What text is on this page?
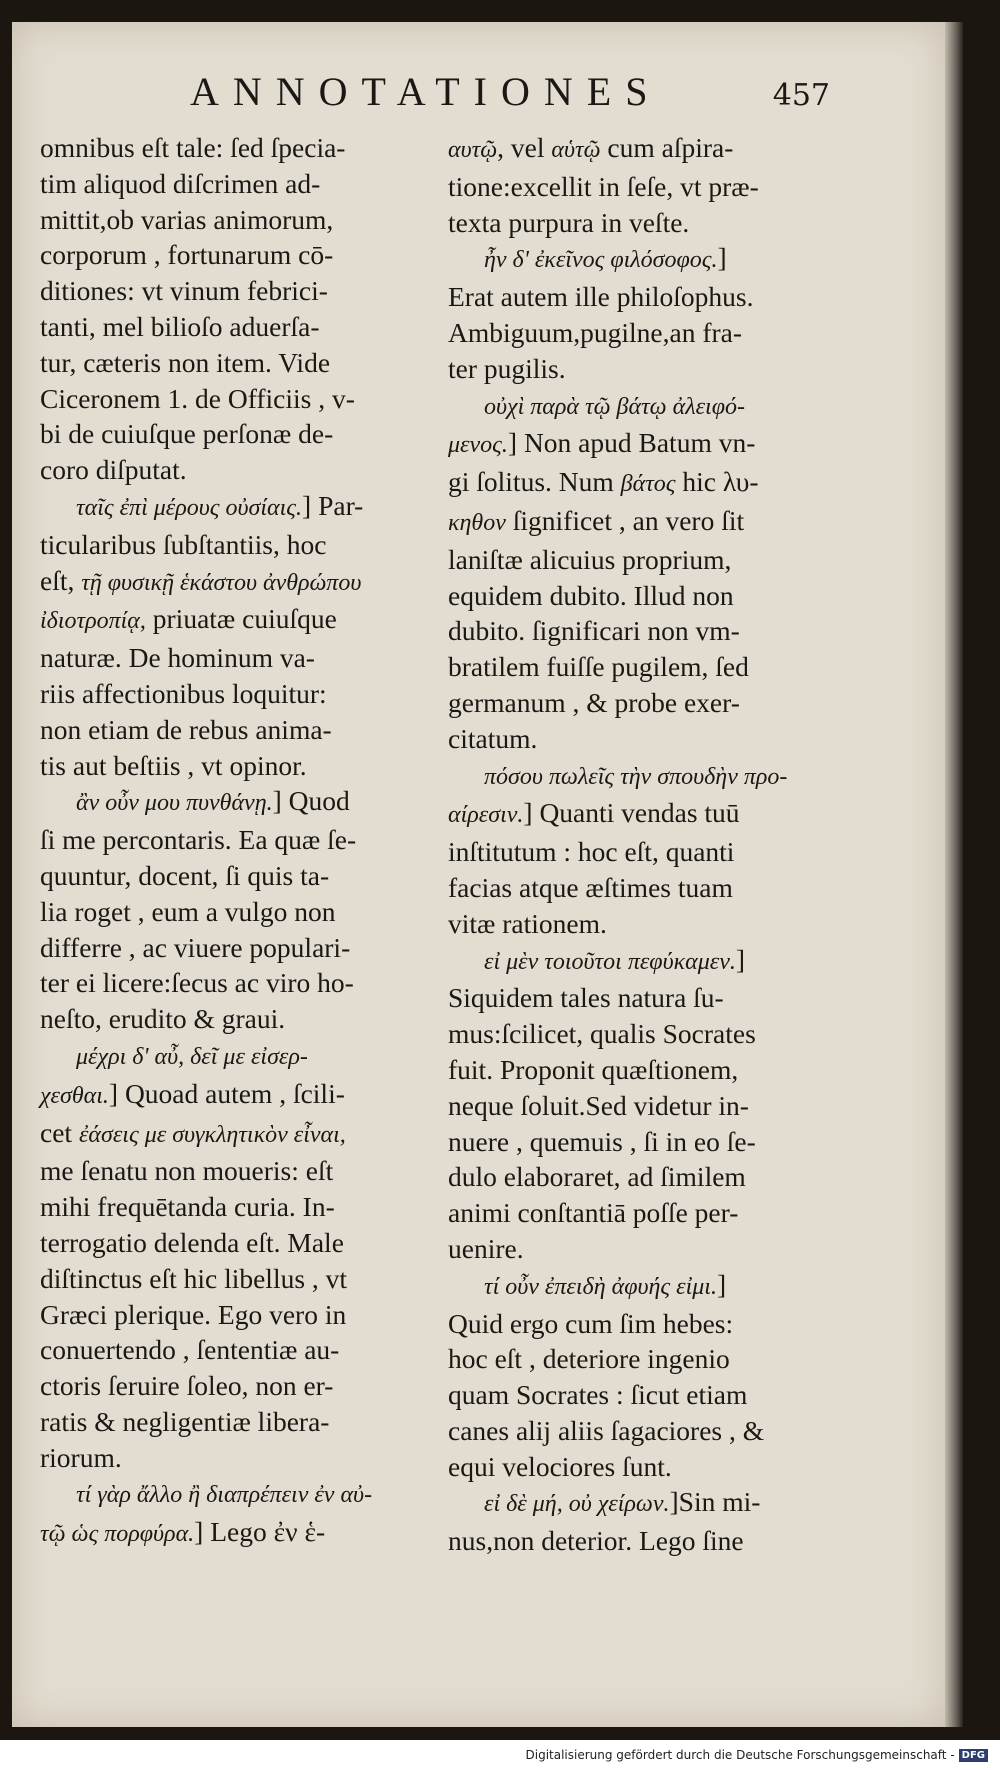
ANNOTATIONES	457
omnibus eſt tale: ſed ſpecia-
tim aliquod diſcrimen ad-
mittit,ob varias animorum,
corporum , fortunarum cō-
ditiones: vt vinum febrici-
tanti, mel bilioſo aduerſa-
tur, cæteris non item. Vide
Ciceronem 1. de Officiis , v-
bi de cuiuſque perſonæ de-
coro diſputat.
ταῖς ἐπὶ μέρους οὐσίαις.] Par-
ticularibus ſubſtantiis, hoc
eſt, τῇ φυσικῇ ἑκάστου ἀνθρώπου
ἰδιοτροπίᾳ, priuatæ cuiuſque
naturæ. De hominum va-
riis affectionibus loquitur:
non etiam de rebus anima-
tis aut beſtiis , vt opinor.
ἂν οὖν μου πυνθάνῃ.] Quod
ſi me percontaris. Ea quæ ſe-
quuntur, docent, ſi quis ta-
lia roget , eum a vulgo non
differre , ac viuere populari-
ter ei licere:ſecus ac viro ho-
neſto, erudito & graui.
μέχρι δ' αὖ, δεῖ με εἰσερ-
χεσθαι.] Quoad autem , ſcili-
cet ἐάσεις με συγκλητικὸν εἶναι,
me ſenatu non moueris: eſt
mihi frequētanda curia. In-
terrogatio delenda eſt. Male
diſtinctus eſt hic libellus , vt
Græci plerique. Ego vero in
conuertendo , ſententiæ au-
ctoris ſeruire ſoleo, non er-
ratis & negligentiæ libera-
riorum.
τί γὰρ ἄλλο ἢ διαπρέπειν ἐν αὐ-
τῷ ὡς πορφύρα.] Lego ἐν ἑ-
αυτῷ, vel αὑτῷ cum aſpira-
tione:excellit in ſeſe, vt præ-
texta purpura in veſte.
ἦν δ' ἐκεῖνος φιλόσοφος.]
Erat autem ille philoſophus.
Ambiguum,pugilne,an fra-
ter pugilis.
οὐχὶ παρὰ τῷ βάτῳ ἀλειφό-
μενος.] Non apud Batum vn-
gi ſolitus. Num βάτος hic λυ-
κηθον ſignificet , an vero ſit
laniſtæ alicuius proprium,
equidem dubito. Illud non
dubito. ſignificari non vm-
bratilem fuiſſe pugilem, ſed
germanum , & probe exer-
citatum.
πόσου πωλεῖς τὴν σπουδὴν προ-
αίρεσιν.] Quanti vendas tuū
inſtitutum : hoc eſt, quanti
facias atque æſtimes tuam
vitæ rationem.
εἰ μὲν τοιοῦτοι πεφύκαμεν.]
Siquidem tales natura ſu-
mus:ſcilicet, qualis Socrates
fuit. Proponit quæſtionem,
neque ſoluit.Sed videtur in-
nuere , quemuis , ſi in eo ſe-
dulo elaboraret, ad ſimilem
animi conſtantiā poſſe per-
uenire.
τί οὖν ἐπειδὴ ἀφυής εἰμι.]
Quid ergo cum ſim hebes:
hoc eſt , deteriore ingenio
quam Socrates : ſicut etiam
canes alij aliis ſagaciores , &
equi velociores ſunt.
εἰ δὲ μή, οὐ χείρων.]Sin mi-
nus,non deterior. Lego ſine
Digitalisierung gefördert durch die Deutsche Forschungsgemeinschaft - DFG
